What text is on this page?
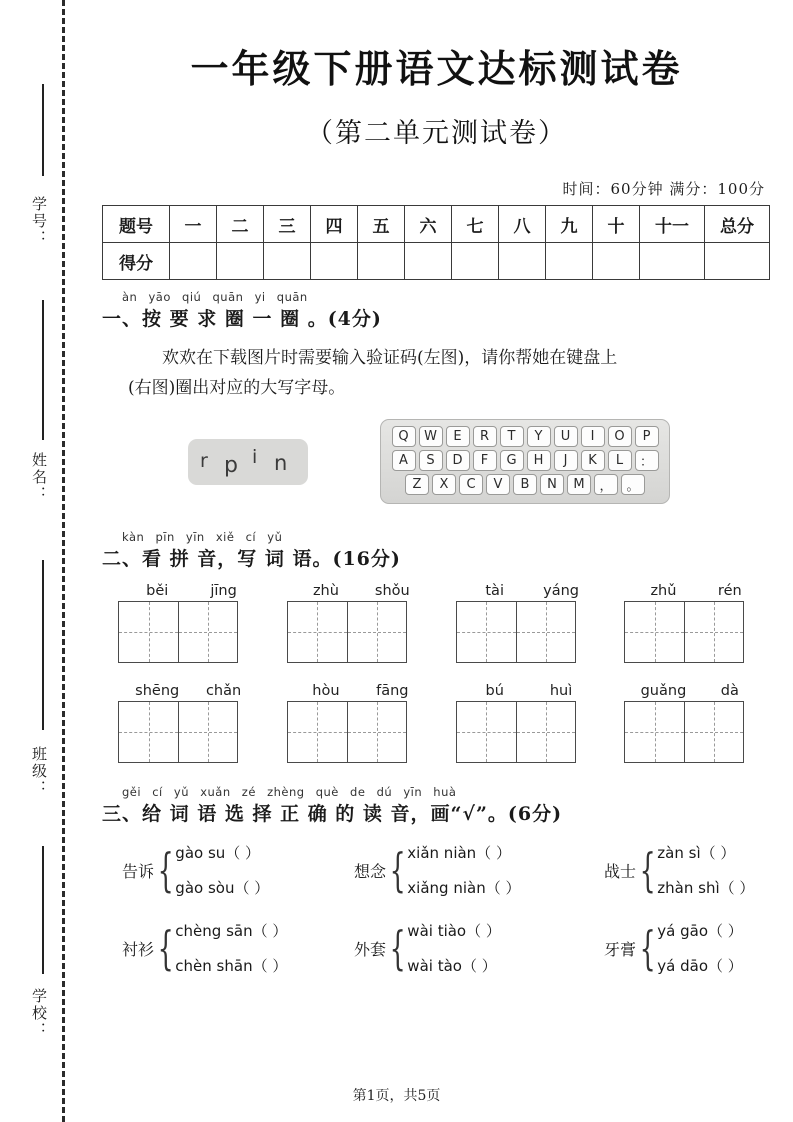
学号：
姓名：
班级：
学校：
一年级下册语文达标测试卷
（第二单元测试卷）
时间：60分钟 满分：100分
题号	一	二	三	四	五	六	七	八	九	十	十一	总分
得分												
àn yāo qiú quān yi quān
一、按 要 求 圈 一 圈 。(4分)

欢欢在下载图片时需要输入验证码(左图)，请你帮她在键盘上

(右图)圈出对应的大写字母。

r p i n
Q	W	E	R	T	Y	U	I	O	P
A	S	D	F	G	H	J	K	L	：
Z	X	C	V	B	N	M	，	。
kàn pīn yīn xiě cí yǔ
二、看 拼 音，写 词 语。(16分)
běi	jīng	zhù	shǒu	tài	yáng	zhǔ	rén
shēng	chǎn	hòu	fāng	bú	huì	guǎng	dà
gěi cí yǔ xuǎn zé zhèng què de dú yīn huà
三、给 词 语 选 择 正 确 的 读 音，画“√”。(6分)
告诉 { gào su（ ）
gào sòu（ ）
想念 { xiǎn niàn（ ）
xiǎng niàn（ ）
战士 { zàn sì（ ）
zhàn shì（ ）
衬衫 { chèng sān（ ）
chèn shān（ ）
外套 { wài tiào（ ）
wài tào（ ）
牙膏 { yá gāo（ ）
yá dāo（ ）
第1页，共5页
